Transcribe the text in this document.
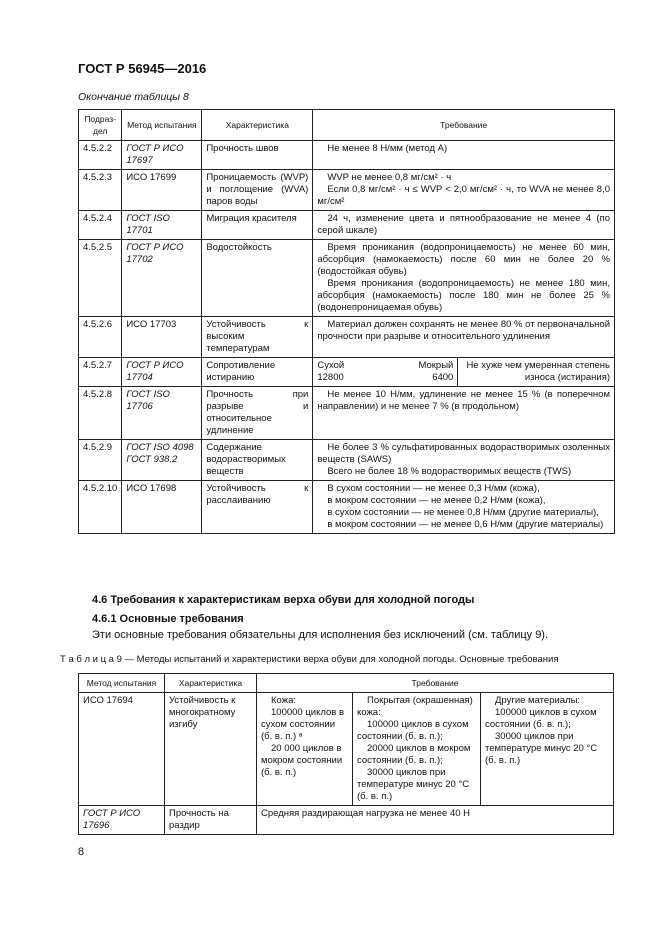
ГОСТ Р 56945—2016
Окончание таблицы 8
Подраз-дел	Метод испытания	Характеристика	Требование
4.5.2.2	ГОСТ Р ИСО 17697	Прочность швов	Не менее 8 Н/мм (метод А)

4.5.2.3	ИСО 17699	Проницаемость (WVP) и поглощение (WVA) паров воды	WVP не менее 0,8 мг/см² · ч
Если 0,8 мг/см² · ч ≤ WVP < 2,0 мг/см² · ч, то WVA не менее 8,0 мг/см²

4.5.2.4	ГОСТ ISO 17701	Миграция красителя	24 ч, изменение цвета и пятнообразование не менее 4 (по серой шкале)

4.5.2.5	ГОСТ Р ИСО 17702	Водостойкость	Время проникания (водопроницаемость) не менее 60 мин, абсорбция (намокаемость) после 60 мин не более 20 % (водостойкая обувь)
Время проникания (водопроницаемость) не менее 180 мин, абсорбция (намокаемость) после 180 мин не более 25 % (водонепроницаемая обувь)

4.5.2.6	ИСО 17703	Устойчивость к высоким температурам	Материал должен сохранять не менее 80 % от первоначальной прочности при разрыве и относительного удлинения

4.5.2.7	ГОСТ Р ИСО 17704	Сопротивление истиранию	Сухой Мокрый
12800 6400
Не хуже чем умеренная степень износа (истирания)

4.5.2.8	ГОСТ ISO 17706	Прочность при разрыве и относительное удлинение	Не менее 10 Н/мм, удлинение не менее 15 % (в поперечном направлении) и не менее 7 % (в продольном)

4.5.2.9	ГОСТ ISO 4098 ГОСТ 938.2	Содержание водорастворимых веществ	Не более 3 % сульфатированных водорастворимых озоленных веществ (SAWS)
Всего не более 18 % водорастворимых веществ (TWS)

4.5.2.10	ИСО 17698	Устойчивость к расслаиванию	В сухом состоянии — не менее 0,3 Н/мм (кожа),
в мокром состоянии — не менее 0,2 Н/мм (кожа),
в сухом состоянии — не менее 0,8 Н/мм (другие материалы),
в мокром состоянии — не менее 0,6 Н/мм (другие материалы)
4.6 Требования к характеристикам верха обуви для холодной погоды
4.6.1 Основные требования
Эти основные требования обязательны для исполнения без исключений (см. таблицу 9).
Т а б л и ц а 9 — Методы испытаний и характеристики верха обуви для холодной погоды. Основные требования
Метод испытания	Характеристика	Требование		
ИСО 17694	Устойчивость к многократному изгибу	Кожа:
100000 циклов в сухом состоянии (б. в. п.) ᵃ
20 000 циклов в мокром состоянии (б. в. п.)	Покрытая (окрашенная) кожа:
100000 циклов в сухом состоянии (б. в. п.);
20000 циклов в мокром состоянии (б. в. п.);
30000 циклов при температуре минус 20 °С (б. в. п.)	Другие материалы:
100000 циклов в сухом состоянии (б. в. п.);
30000 циклов при температуре минус 20 °С (б. в. п.)

ГОСТ Р ИСО 17696	Прочность на раздир	Средняя раздирающая нагрузка не менее 40 Н		
8
